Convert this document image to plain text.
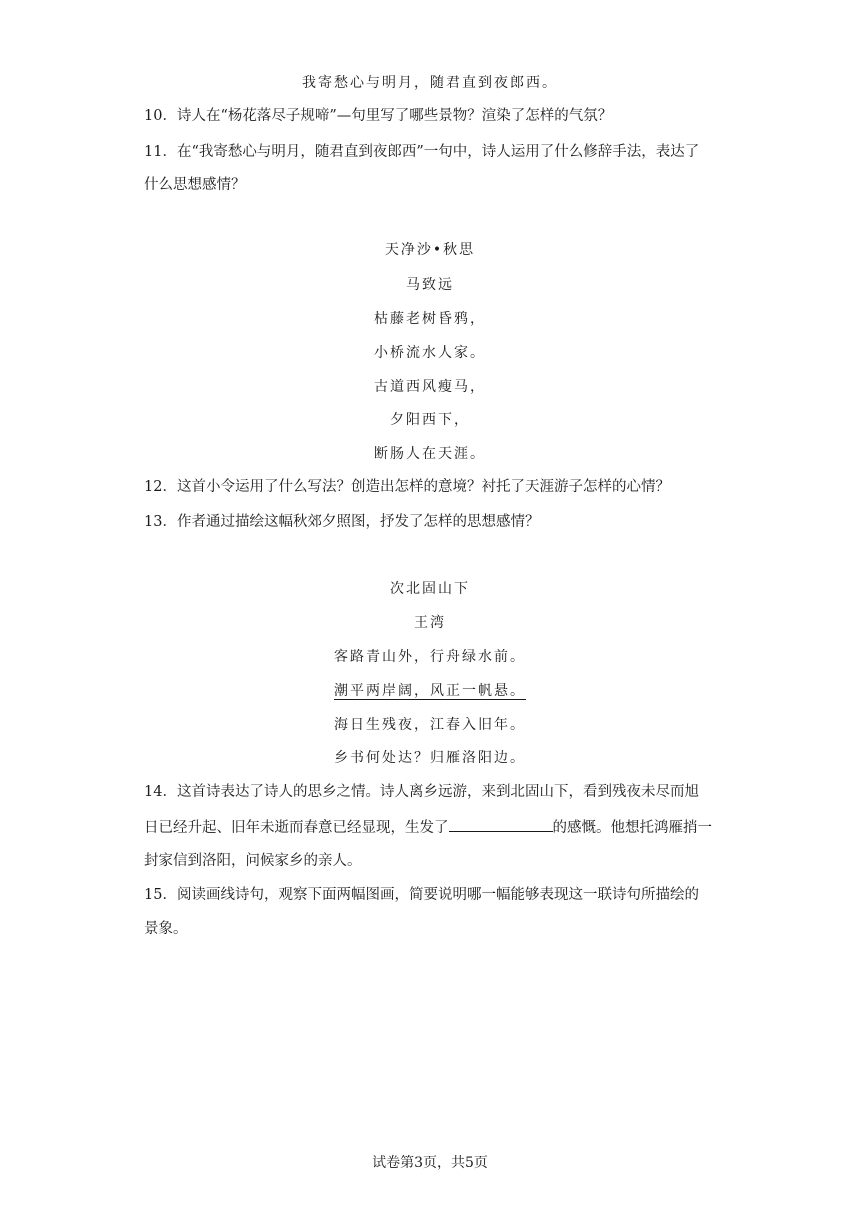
我寄愁心与明月，随君直到夜郎西。
10．诗人在“杨花落尽子规啼”—句里写了哪些景物？渲染了怎样的气氛？
11．在“我寄愁心与明月，随君直到夜郎西”一句中，诗人运用了什么修辞手法，表达了
什么思想感情？
天净沙•秋思
马致远
枯藤老树昏鸦，
小桥流水人家。
古道西风瘦马，
夕阳西下，
断肠人在天涯。
12．这首小令运用了什么写法？创造出怎样的意境？衬托了天涯游子怎样的心情？
13．作者通过描绘这幅秋郊夕照图，抒发了怎样的思想感情？
次北固山下
王湾
客路青山外，行舟绿水前。
潮平两岸阔，风正一帆悬。
海日生残夜，江春入旧年。
乡书何处达？归雁洛阳边。
14．这首诗表达了诗人的思乡之情。诗人离乡远游，来到北固山下，看到残夜未尽而旭
日已经升起、旧年未逝而春意已经显现，生发了	的感慨。他想托鸿雁捎一
封家信到洛阳，问候家乡的亲人。
15．阅读画线诗句，观察下面两幅图画，简要说明哪一幅能够表现这一联诗句所描绘的
景象。
试卷第3页，共5页
